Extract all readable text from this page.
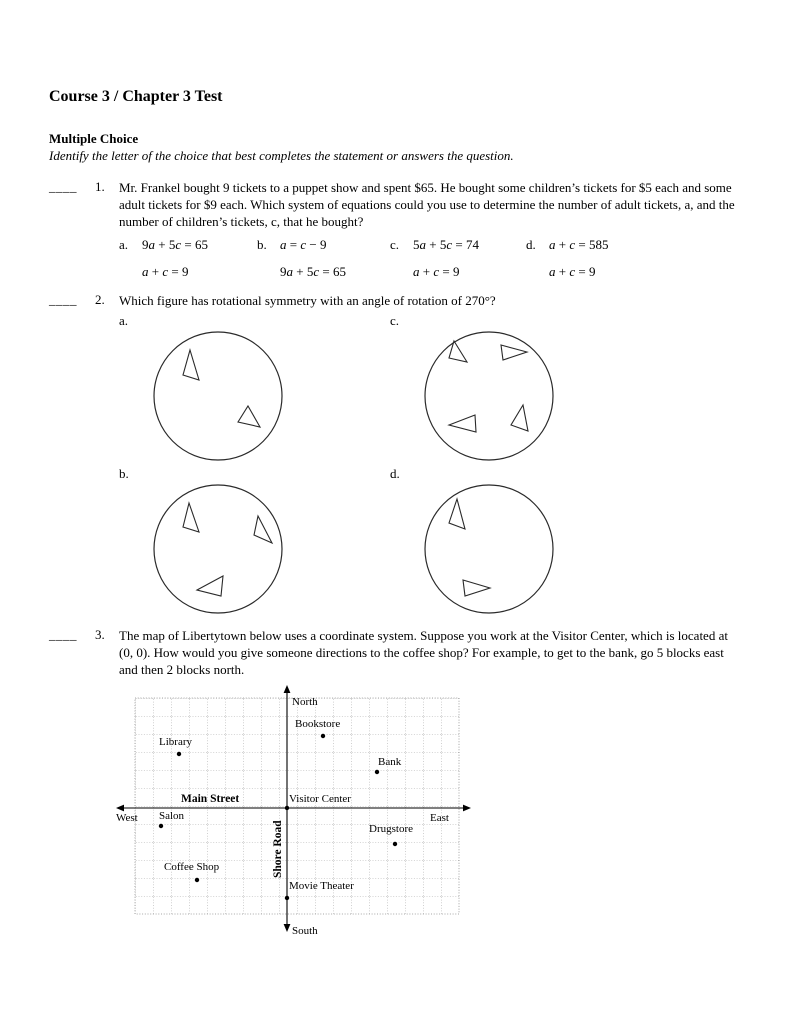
Course 3 / Chapter 3 Test
Multiple Choice
Identify the letter of the choice that best completes the statement or answers the question.
____	1.	Mr. Frankel bought 9 tickets to a puppet show and spent $65. He bought some children’s tickets for $5 each and some adult tickets for $9 each. Which system of equations could you use to determine the number of adult tickets, a, and the number of children’s tickets, c, that he bought?
a.	9a + 5c = 65
a + c = 9
b.	a = c − 9
9a + 5c = 65
c.	5a + 5c = 74
a + c = 9
d.	a + c = 585
a + c = 9
____	2.	Which figure has rotational symmetry with an angle of rotation of 270°?
a.	c.
b.	d.
____	3.	The map of Libertytown below uses a coordinate system. Suppose you work at the Visitor Center, which is located at (0, 0). How would you give someone directions to the coffee shop? For example, to get to the bank, go 5 blocks east and then 2 blocks north.
North
South
West	East
Main Street
Shore Road
Library
Bookstore
Bank
Salon
Visitor Center
Drugstore
Coffee Shop
Movie Theater
